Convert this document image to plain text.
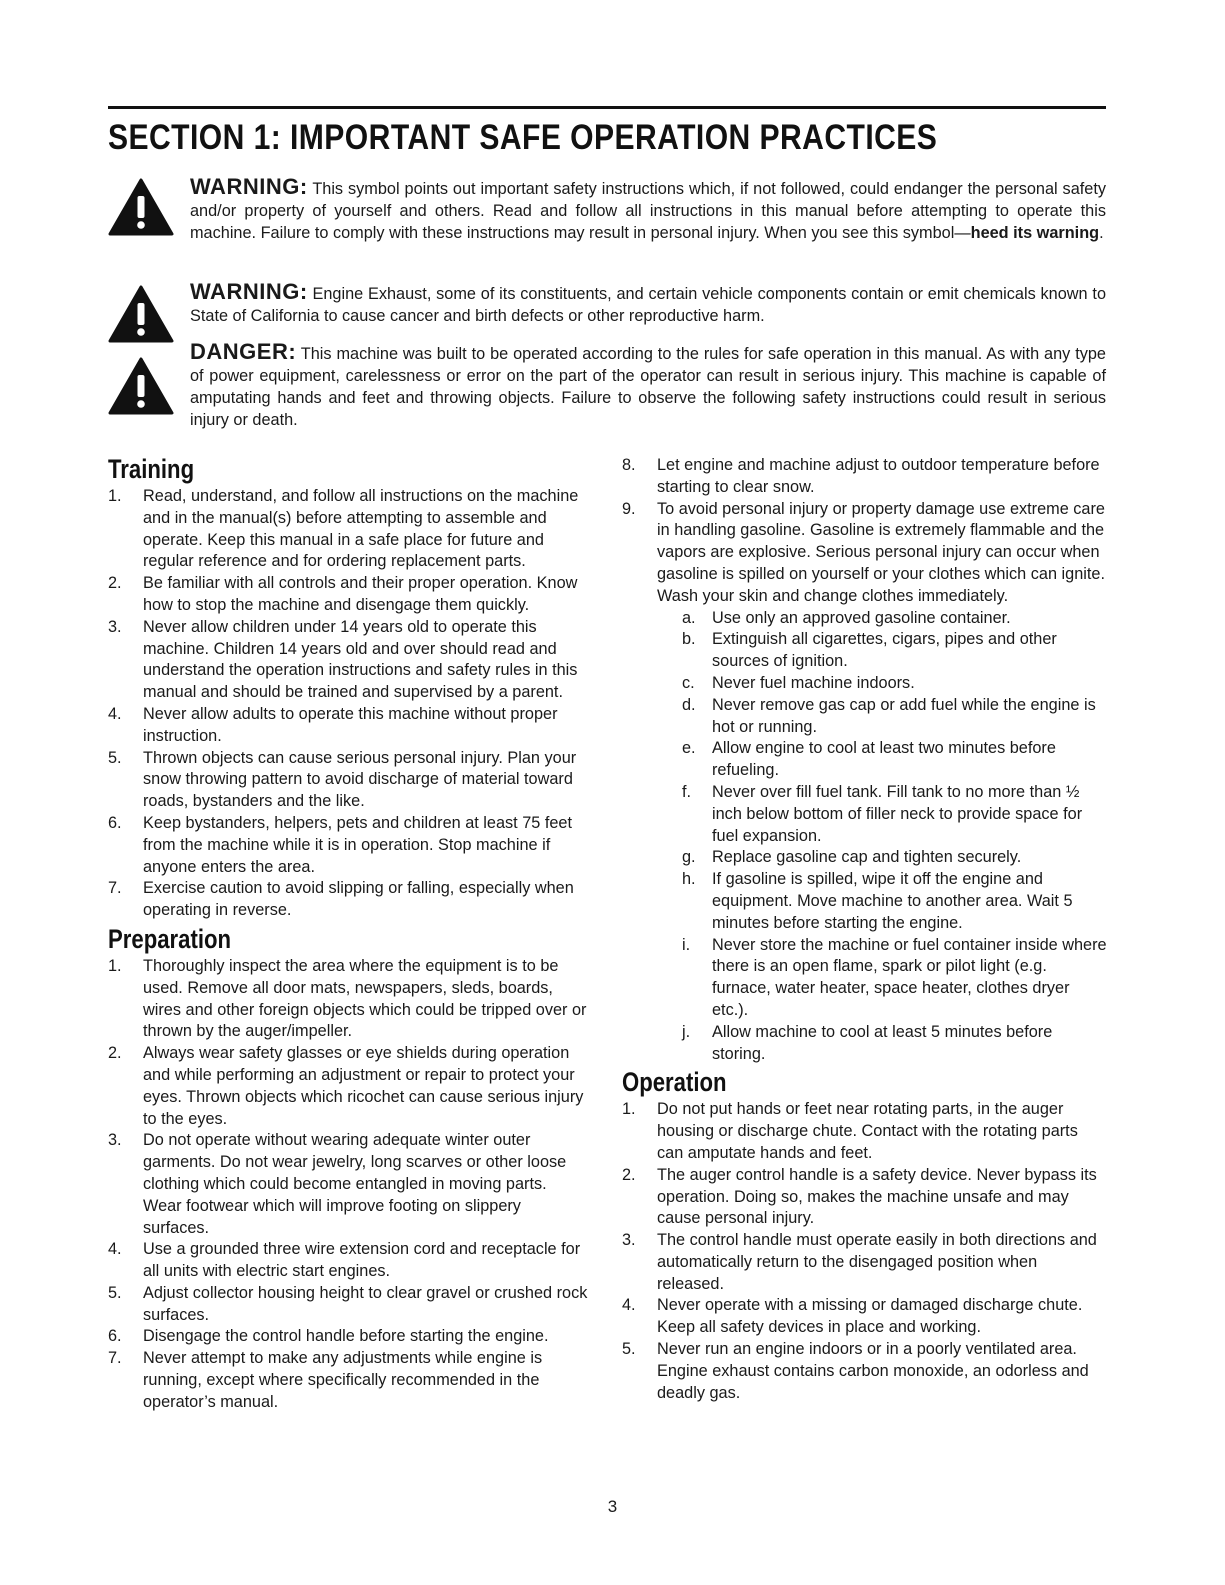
SECTION 1: IMPORTANT SAFE OPERATION PRACTICES
WARNING: This symbol points out important safety instructions which, if not followed, could endanger the personal safety and/or property of yourself and others. Read and follow all instructions in this manual before attempting to operate this machine. Failure to comply with these instructions may result in personal injury. When you see this symbol—heed its warning.
WARNING: Engine Exhaust, some of its constituents, and certain vehicle components contain or emit chemicals known to State of California to cause cancer and birth defects or other reproductive harm.
DANGER: This machine was built to be operated according to the rules for safe operation in this manual. As with any type of power equipment, carelessness or error on the part of the operator can result in serious injury. This machine is capable of amputating hands and feet and throwing objects. Failure to observe the following safety instructions could result in serious injury or death.
Training
1. Read, understand, and follow all instructions on the machine and in the manual(s) before attempting to assemble and operate. Keep this manual in a safe place for future and regular reference and for ordering replacement parts.
2. Be familiar with all controls and their proper operation. Know how to stop the machine and disengage them quickly.
3. Never allow children under 14 years old to operate this machine. Children 14 years old and over should read and understand the operation instructions and safety rules in this manual and should be trained and supervised by a parent.
4. Never allow adults to operate this machine without proper instruction.
5. Thrown objects can cause serious personal injury. Plan your snow throwing pattern to avoid discharge of material toward roads, bystanders and the like.
6. Keep bystanders, helpers, pets and children at least 75 feet from the machine while it is in operation. Stop machine if anyone enters the area.
7. Exercise caution to avoid slipping or falling, especially when operating in reverse.
Preparation
1. Thoroughly inspect the area where the equipment is to be used. Remove all door mats, newspapers, sleds, boards, wires and other foreign objects which could be tripped over or thrown by the auger/impeller.
2. Always wear safety glasses or eye shields during operation and while performing an adjustment or repair to protect your eyes. Thrown objects which ricochet can cause serious injury to the eyes.
3. Do not operate without wearing adequate winter outer garments. Do not wear jewelry, long scarves or other loose clothing which could become entangled in moving parts. Wear footwear which will improve footing on slippery surfaces.
4. Use a grounded three wire extension cord and receptacle for all units with electric start engines.
5. Adjust collector housing height to clear gravel or crushed rock surfaces.
6. Disengage the control handle before starting the engine.
7. Never attempt to make any adjustments while engine is running, except where specifically recommended in the operator’s manual.
8. Let engine and machine adjust to outdoor temperature before starting to clear snow.
9. To avoid personal injury or property damage use extreme care in handling gasoline. Gasoline is extremely flammable and the vapors are explosive. Serious personal injury can occur when gasoline is spilled on yourself or your clothes which can ignite. Wash your skin and change clothes immediately.
a. Use only an approved gasoline container.
b. Extinguish all cigarettes, cigars, pipes and other sources of ignition.
c. Never fuel machine indoors.
d. Never remove gas cap or add fuel while the engine is hot or running.
e. Allow engine to cool at least two minutes before refueling.
f. Never over fill fuel tank. Fill tank to no more than ½ inch below bottom of filler neck to provide space for fuel expansion.
g. Replace gasoline cap and tighten securely.
h. If gasoline is spilled, wipe it off the engine and equipment. Move machine to another area. Wait 5 minutes before starting the engine.
i. Never store the machine or fuel container inside where there is an open flame, spark or pilot light (e.g. furnace, water heater, space heater, clothes dryer etc.).
j. Allow machine to cool at least 5 minutes before storing.
Operation
1. Do not put hands or feet near rotating parts, in the auger housing or discharge chute. Contact with the rotating parts can amputate hands and feet.
2. The auger control handle is a safety device. Never bypass its operation. Doing so, makes the machine unsafe and may cause personal injury.
3. The control handle must operate easily in both directions and automatically return to the disengaged position when released.
4. Never operate with a missing or damaged discharge chute. Keep all safety devices in place and working.
5. Never run an engine indoors or in a poorly ventilated area. Engine exhaust contains carbon monoxide, an odorless and deadly gas.
3
